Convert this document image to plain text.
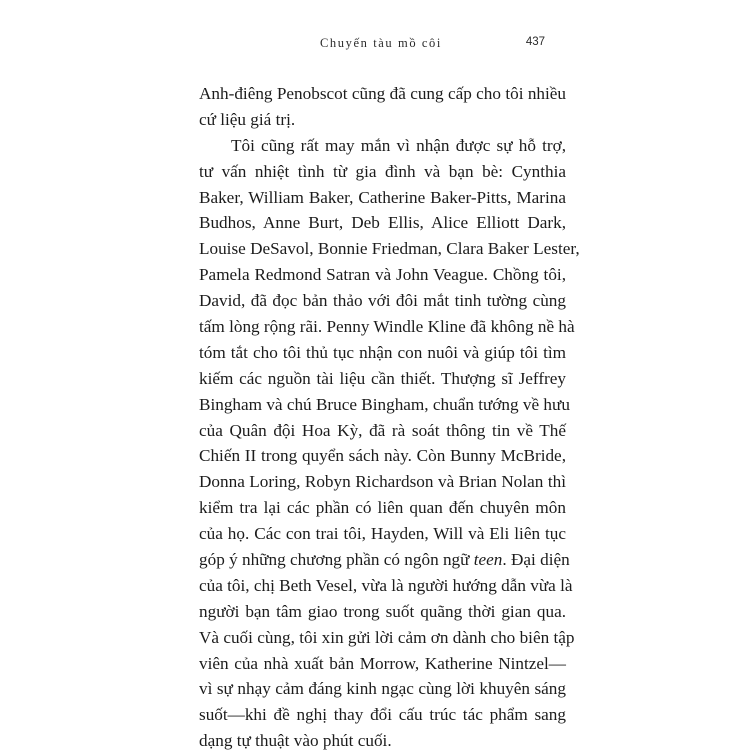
Chuyến tàu mồ côi	437

Anh-điêng Penobscot cũng đã cung cấp cho tôi nhiều
cứ liệu giá trị.

Tôi cũng rất may mắn vì nhận được sự hỗ trợ,
tư vấn nhiệt tình từ gia đình và bạn bè: Cynthia
Baker, William Baker, Catherine Baker-Pitts, Marina
Budhos, Anne Burt, Deb Ellis, Alice Elliott Dark,
Louise DeSavol, Bonnie Friedman, Clara Baker Lester,
Pamela Redmond Satran và John Veague. Chồng tôi,
David, đã đọc bản thảo với đôi mắt tinh tường cùng
tấm lòng rộng rãi. Penny Windle Kline đã không nề hà
tóm tắt cho tôi thủ tục nhận con nuôi và giúp tôi tìm
kiếm các nguồn tài liệu cần thiết. Thượng sĩ Jeffrey
Bingham và chú Bruce Bingham, chuẩn tướng về hưu
của Quân đội Hoa Kỳ, đã rà soát thông tin về Thế
Chiến II trong quyển sách này. Còn Bunny McBride,
Donna Loring, Robyn Richardson và Brian Nolan thì
kiểm tra lại các phần có liên quan đến chuyên môn
của họ. Các con trai tôi, Hayden, Will và Eli liên tục
góp ý những chương phần có ngôn ngữ teen. Đại diện
của tôi, chị Beth Vesel, vừa là người hướng dẫn vừa là
người bạn tâm giao trong suốt quãng thời gian qua.
Và cuối cùng, tôi xin gửi lời cảm ơn dành cho biên tập
viên của nhà xuất bản Morrow, Katherine Nintzel—
vì sự nhạy cảm đáng kinh ngạc cùng lời khuyên sáng
suốt—khi đề nghị thay đổi cấu trúc tác phẩm sang
dạng tự thuật vào phút cuối.
